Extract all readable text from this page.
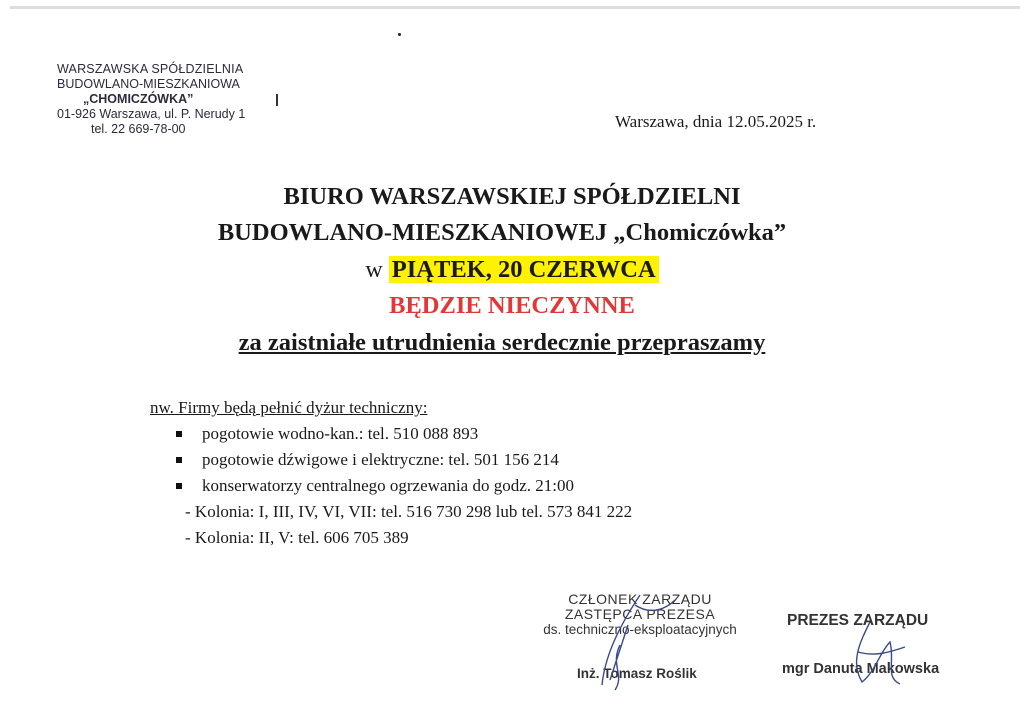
WARSZAWSKA SPÓŁDZIELNIA
BUDOWLANO-MIESZKANIOWA
„CHOMICZÓWKA”
01-926 Warszawa, ul. P. Nerudy 1
tel. 22 669-78-00	Warszawa, dnia 12.05.2025 r.
BIURO WARSZAWSKIEJ SPÓŁDZIELNI
BUDOWLANO-MIESZKANIOWEJ „Chomiczówka”
w PIĄTEK, 20 CZERWCA
BĘDZIE NIECZYNNE
za zaistniałe utrudnienia serdecznie przepraszamy
nw. Firmy będą pełnić dyżur techniczny:
pogotowie wodno-kan.: tel. 510 088 893
pogotowie dźwigowe i elektryczne: tel. 501 156 214
konserwatorzy centralnego ogrzewania do godz. 21:00
- Kolonia: I, III, IV, VI, VII: tel. 516 730 298 lub tel. 573 841 222
- Kolonia: II, V: tel. 606 705 389
CZŁONEK ZARZĄDU
ZASTĘPCA PREZESA
ds. techniczno-eksploatacyjnych
Inż. Tomasz Roślik
PREZES ZARZĄDU
mgr Danuta Makowska
